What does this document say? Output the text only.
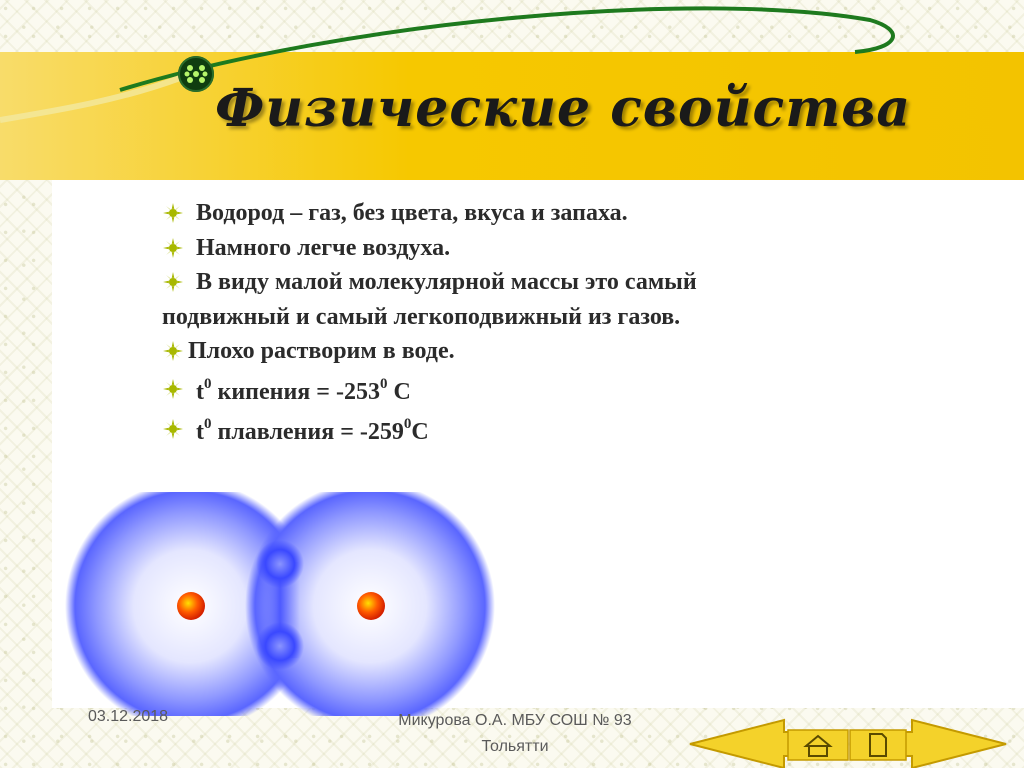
Физические свойства
Водород – газ, без цвета, вкуса и запаха.
Намного легче воздуха.
В виду малой молекулярной массы это самый
подвижный и самый легкоподвижный из газов.
Плохо растворим в воде.
$t^0$ кипения = $-253^0$ С
$t^0$ плавления = $-259^0С$
03.12.2018	Микурова О.А. МБУ СОШ № 93
Тольятти
